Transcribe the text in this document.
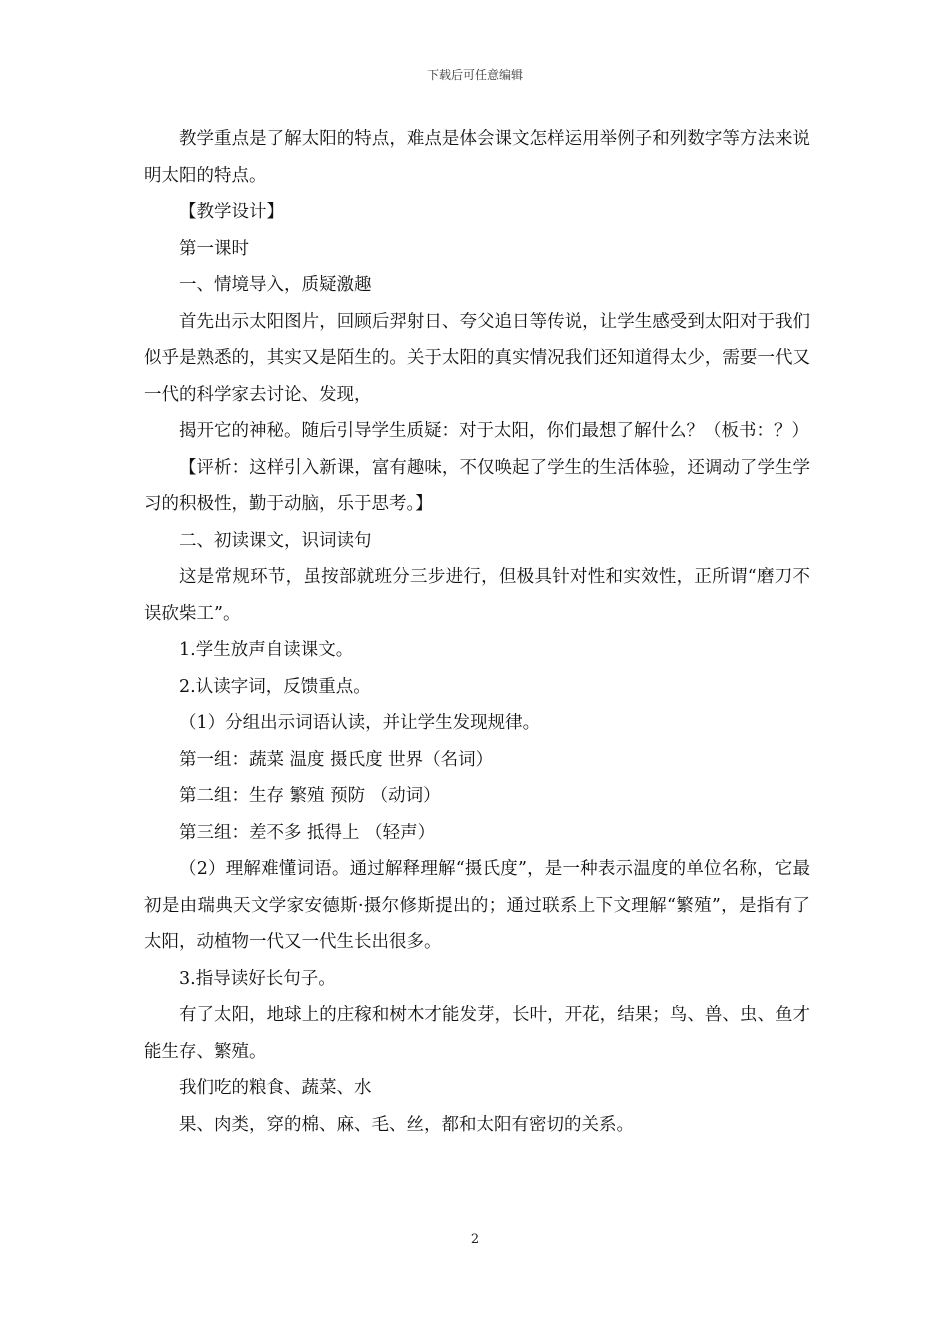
下载后可任意编辑

教学重点是了解太阳的特点，难点是体会课文怎样运用举例子和列数字等方法来说明太阳的特点。

【教学设计】

第一课时

一、情境导入，质疑激趣

首先出示太阳图片，回顾后羿射日、夸父追日等传说，让学生感受到太阳对于我们似乎是熟悉的，其实又是陌生的。关于太阳的真实情况我们还知道得太少，需要一代又一代的科学家去讨论、发现，

揭开它的神秘。随后引导学生质疑：对于太阳，你们最想了解什么？（板书：？）

【评析：这样引入新课，富有趣味，不仅唤起了学生的生活体验，还调动了学生学习的积极性，勤于动脑，乐于思考。】

二、初读课文，识词读句

这是常规环节，虽按部就班分三步进行，但极具针对性和实效性，正所谓“磨刀不误砍柴工”。

1.学生放声自读课文。

2.认读字词，反馈重点。

（1）分组出示词语认读，并让学生发现规律。

第一组：蔬菜 温度 摄氏度 世界（名词）

第二组：生存 繁殖 预防 （动词）

第三组：差不多 抵得上 （轻声）

（2）理解难懂词语。通过解释理解“摄氏度”，是一种表示温度的单位名称，它最初是由瑞典天文学家安德斯·摄尔修斯提出的；通过联系上下文理解“繁殖”，是指有了太阳，动植物一代又一代生长出很多。

3.指导读好长句子。

有了太阳，地球上的庄稼和树木才能发芽，长叶，开花，结果；鸟、兽、虫、鱼才能生存、繁殖。

我们吃的粮食、蔬菜、水

果、肉类，穿的棉、麻、毛、丝，都和太阳有密切的关系。

2
